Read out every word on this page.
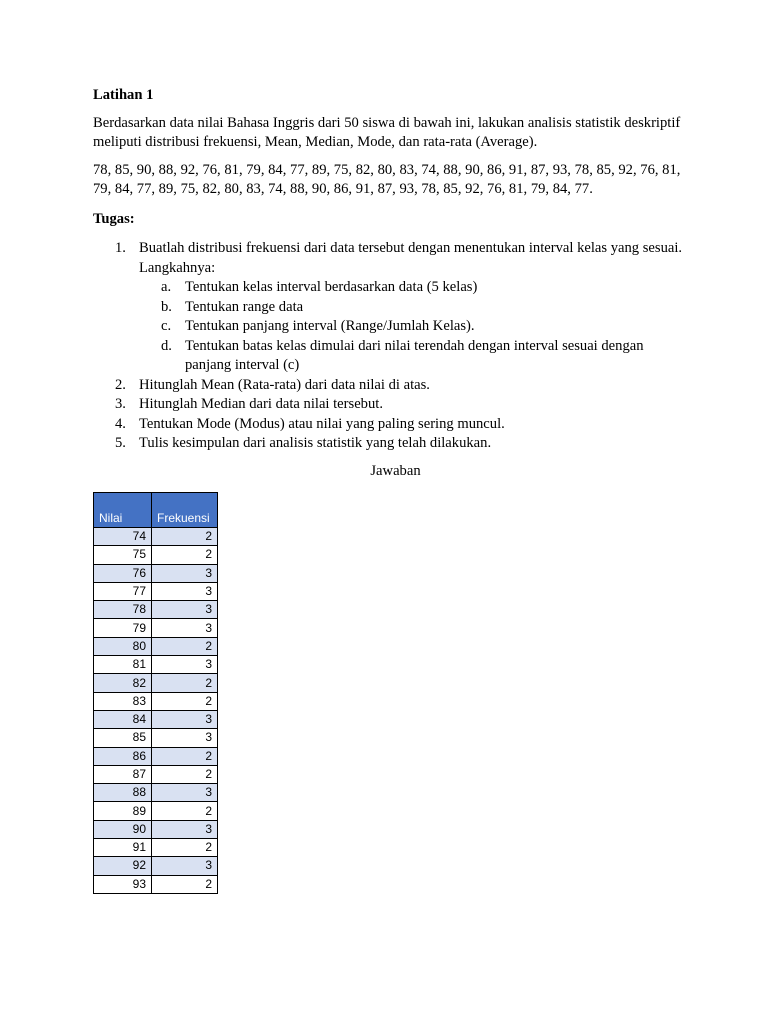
Latihan 1

Berdasarkan data nilai Bahasa Inggris dari 50 siswa di bawah ini, lakukan analisis statistik deskriptif meliputi distribusi frekuensi, Mean, Median, Mode, dan rata-rata (Average).

78, 85, 90, 88, 92, 76, 81, 79, 84, 77, 89, 75, 82, 80, 83, 74, 88, 90, 86, 91, 87, 93, 78, 85, 92, 76, 81, 79, 84, 77, 89, 75, 82, 80, 83, 74, 88, 90, 86, 91, 87, 93, 78, 85, 92, 76, 81, 79, 84, 77.

Tugas:
1. Buatlah distribusi frekuensi dari data tersebut dengan menentukan interval kelas yang sesuai. Langkahnya:
a. Tentukan kelas interval berdasarkan data (5 kelas)
b. Tentukan range data
c. Tentukan panjang interval (Range/Jumlah Kelas).
d. Tentukan batas kelas dimulai dari nilai terendah dengan interval sesuai dengan panjang interval (c)
2. Hitunglah Mean (Rata-rata) dari data nilai di atas.
3. Hitunglah Median dari data nilai tersebut.
4. Tentukan Mode (Modus) atau nilai yang paling sering muncul.
5. Tulis kesimpulan dari analisis statistik yang telah dilakukan.
Jawaban
Nilai	Frekuensi
74	2
75	2
76	3
77	3
78	3
79	3
80	2
81	3
82	2
83	2
84	3
85	3
86	2
87	2
88	3
89	2
90	3
91	2
92	3
93	2
